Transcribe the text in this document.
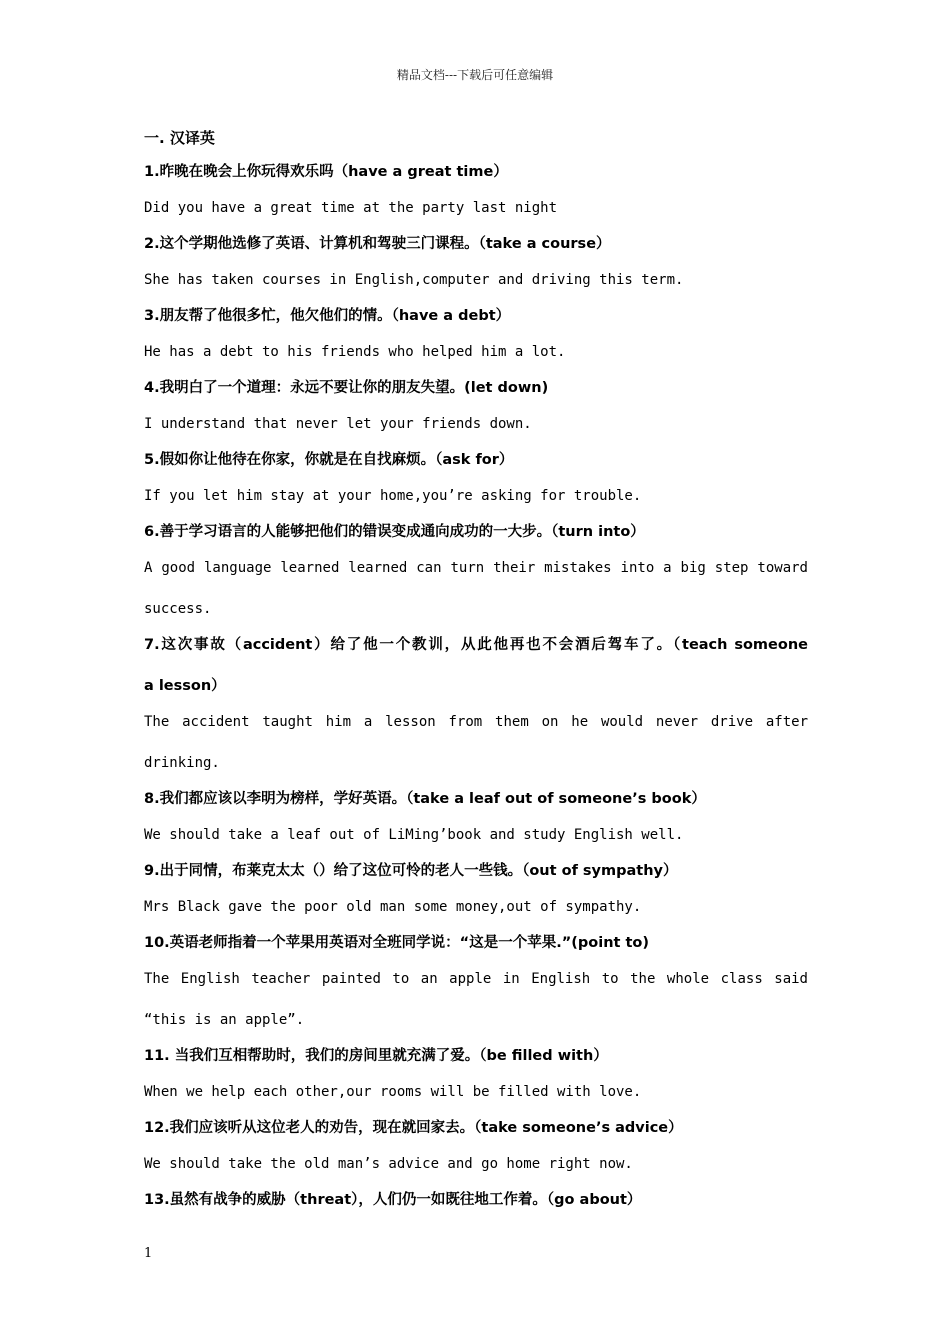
精品文档---下载后可任意编辑
一. 汉译英
1.昨晚在晚会上你玩得欢乐吗（have a great time）
Did you have a great time at the party last night
2.这个学期他选修了英语、计算机和驾驶三门课程。（take a course）
She has taken courses in English,computer and driving this term.
3.朋友帮了他很多忙，他欠他们的情。（have a debt）
He has a debt to his friends who helped him a lot.
4.我明白了一个道理：永远不要让你的朋友失望。(let down)
I understand that never let your friends down.
5.假如你让他待在你家，你就是在自找麻烦。（ask for）
If you let him stay at your home,you’re asking for trouble.
6.善于学习语言的人能够把他们的错误变成通向成功的一大步。（turn into）
A good language learned learned can turn their mistakes into a big step toward
success.
7.这次事故（accident）给了他一个教训，从此他再也不会酒后驾车了。（teach someone
a lesson）
The accident taught him a lesson from them on he would never drive after
drinking.
8.我们都应该以李明为榜样，学好英语。（take a leaf out of someone’s book）
We should take a leaf out of LiMing’book and study English well.
9.出于同情，布莱克太太（）给了这位可怜的老人一些钱。（out of sympathy）
Mrs Black gave the poor old man some money,out of sympathy.
10.英语老师指着一个苹果用英语对全班同学说：“这是一个苹果.”(point to)
The English teacher painted to an apple in English to the whole class said
“this is an apple”.
11. 当我们互相帮助时，我们的房间里就充满了爱。（be filled with）
When we help each other,our rooms will be filled with love.
12.我们应该听从这位老人的劝告，现在就回家去。（take someone’s advice）
We should take the old man’s advice and go home right now.
13.虽然有战争的威胁（threat），人们仍一如既往地工作着。（go about）
1
